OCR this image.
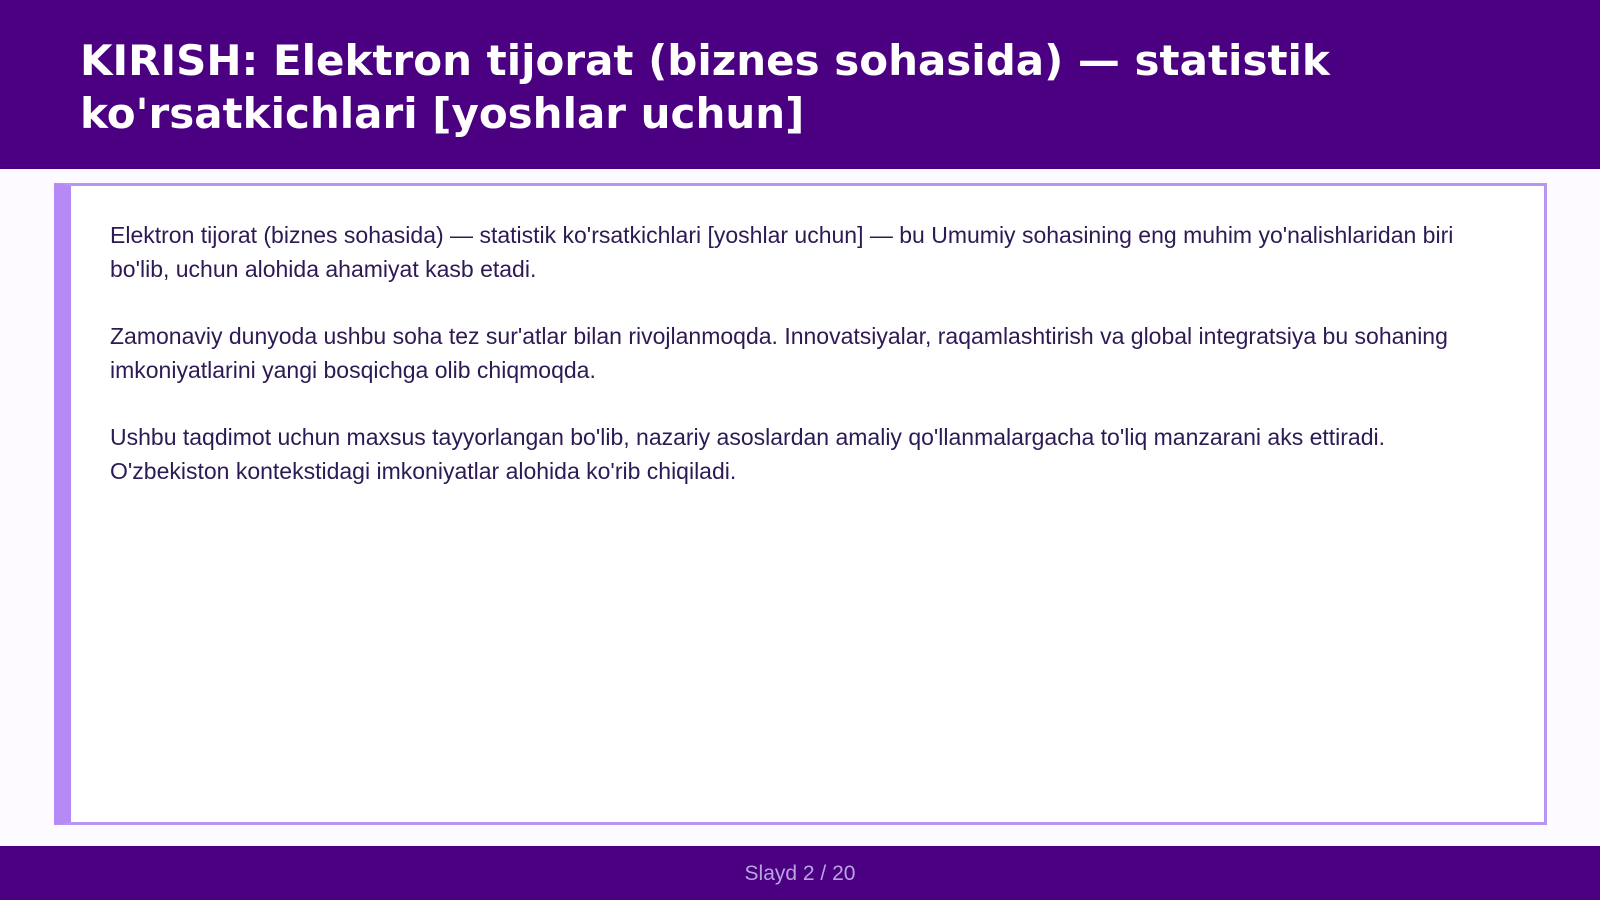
KIRISH: Elektron tijorat (biznes sohasida) — statistik ko'rsatkichlari [yoshlar uchun]

Elektron tijorat (biznes sohasida) — statistik ko'rsatkichlari [yoshlar uchun] — bu Umumiy sohasining eng muhim yo'nalishlaridan biri bo'lib, uchun alohida ahamiyat kasb etadi.

Zamonaviy dunyoda ushbu soha tez sur'atlar bilan rivojlanmoqda. Innovatsiyalar, raqamlashtirish va global integratsiya bu sohaning imkoniyatlarini yangi bosqichga olib chiqmoqda.

Ushbu taqdimot uchun maxsus tayyorlangan bo'lib, nazariy asoslardan amaliy qo'llanmalargacha to'liq manzarani aks ettiradi. O'zbekiston kontekstidagi imkoniyatlar alohida ko'rib chiqiladi.

Slayd 2 / 20
